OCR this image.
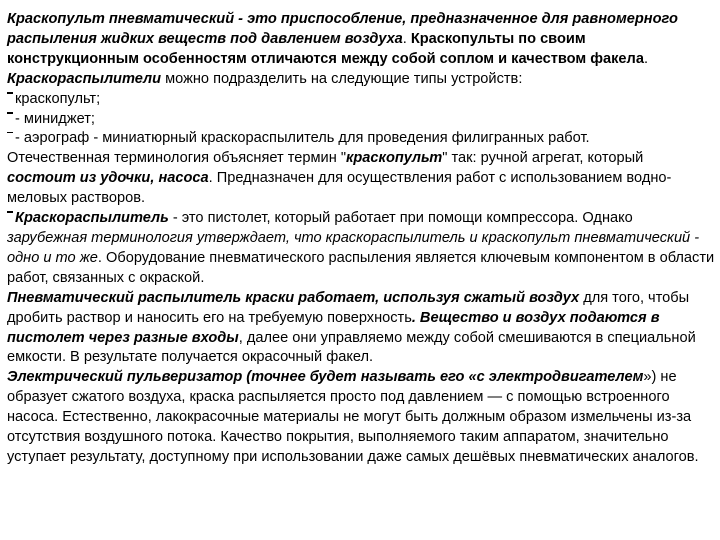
Краскопульт пневматический - это приспособление, предназначенное для равномерного распыления жидких веществ под давлением воздуха. Краскопульты по своим конструкционным особенностям отличаются между собой соплом и качеством факела. Краскораспылители можно подразделить на следующие типы устройств:

краскопульт;

- миниджет;

- аэрограф - миниатюрный краскораспылитель для проведения филигранных работ.

Отечественная терминология объясняет термин "краскопульт" так: ручной агрегат, который состоит из удочки, насоса. Предназначен для осуществления работ с использованием водно-меловых растворов.

Краскораспылитель - это пистолет, который работает при помощи компрессора. Однако зарубежная терминология утверждает, что краскораспылитель и краскопульт пневматический - одно и то же. Оборудование пневматического распыления является ключевым компонентом в области работ, связанных с окраской.

Пневматический распылитель краски работает, используя сжатый воздух для того, чтобы дробить раствор и наносить его на требуемую поверхность. Вещество и воздух подаются в пистолет через разные входы, далее они управляемо между собой смешиваются в специальной емкости. В результате получается окрасочный факел.

Электрический пульверизатор (точнее будет называть его «с электродвигателем») не образует сжатого воздуха, краска распыляется просто под давлением — с помощью встроенного насоса. Естественно, лакокрасочные материалы не могут быть должным образом измельчены из-за отсутствия воздушного потока. Качество покрытия, выполняемого таким аппаратом, значительно уступает результату, доступному при использовании даже самых дешёвых пневматических аналогов.
